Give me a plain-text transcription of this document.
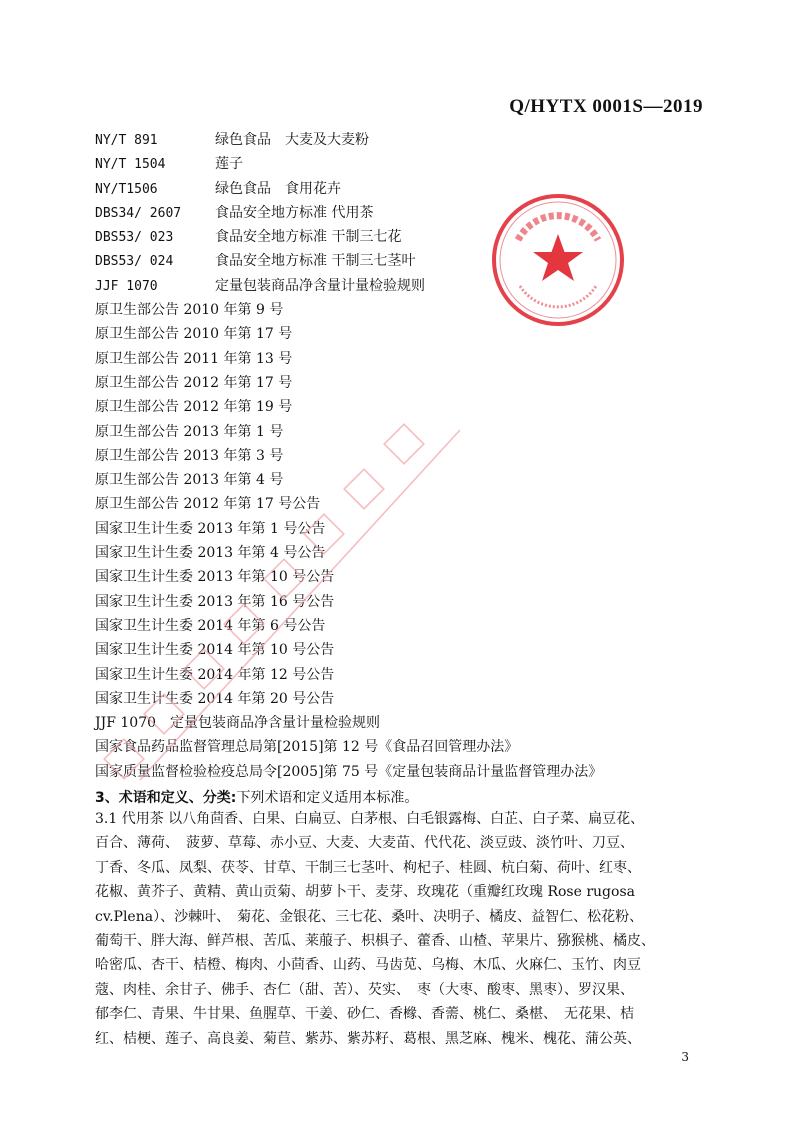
Q/HYTX 0001S—2019
NY/T 891	绿色食品　大麦及大麦粉
NY/T 1504	莲子
NY/T1506	绿色食品　食用花卉
DBS34/ 2607 食品安全地方标准 代用茶
DBS53/ 023	食品安全地方标准 干制三七花
DBS53/ 024	食品安全地方标准 干制三七茎叶
JJF 1070	定量包装商品净含量计量检验规则
原卫生部公告 2010 年第 9 号
原卫生部公告 2010 年第 17 号
原卫生部公告 2011 年第 13 号
原卫生部公告 2012 年第 17 号
原卫生部公告 2012 年第 19 号
原卫生部公告 2013 年第 1 号
原卫生部公告 2013 年第 3 号
原卫生部公告 2013 年第 4 号
原卫生部公告 2012 年第 17 号公告
国家卫生计生委 2013 年第 1 号公告
国家卫生计生委 2013 年第 4 号公告
国家卫生计生委 2013 年第 10 号公告
国家卫生计生委 2013 年第 16 号公告
国家卫生计生委 2014 年第 6 号公告
国家卫生计生委 2014 年第 10 号公告
国家卫生计生委 2014 年第 12 号公告
国家卫生计生委 2014 年第 20 号公告
JJF 1070　定量包装商品净含量计量检验规则
国家食品药品监督管理总局第[2015]第 12 号《食品召回管理办法》
国家质量监督检验检疫总局令[2005]第 75 号《定量包装商品计量监督管理办法》
3、术语和定义、分类:下列术语和定义适用本标准。
3.1 代用茶 以八角茴香、白果、白扁豆、白茅根、白毛银露梅、白芷、白子菜、扁豆花、
百合、薄荷、　菠萝、草莓、赤小豆、大麦、大麦苗、代代花、淡豆豉、淡竹叶、刀豆、
丁香、冬瓜、凤梨、茯苓、甘草、干制三七茎叶、枸杞子、桂圆、杭白菊、荷叶、红枣、
花椒、黄芥子、黄精、黄山贡菊、胡萝卜干、麦芽、玫瑰花（重瓣红玫瑰 Rose rugosa
cv.Plena）、沙棘叶、　菊花、金银花、三七花、桑叶、决明子、橘皮、益智仁、松花粉、
葡萄干、胖大海、鲜芦根、苦瓜、莱菔子、枳椇子、藿香、山楂、苹果片、猕猴桃、橘皮、
哈密瓜、杏干、桔橙、梅肉、小茴香、山药、马齿苋、乌梅、木瓜、火麻仁、玉竹、肉豆
蔻、肉桂、余甘子、佛手、杏仁（甜、苦）、芡实、　枣（大枣、酸枣、黑枣）、罗汉果、
郁李仁、青果、牛甘果、鱼腥草、干姜、砂仁、香橼、香薷、桃仁、桑椹、　无花果、桔
红、桔梗、莲子、高良姜、菊苣、紫苏、紫苏籽、葛根、黑芝麻、槐米、槐花、蒲公英、
3
